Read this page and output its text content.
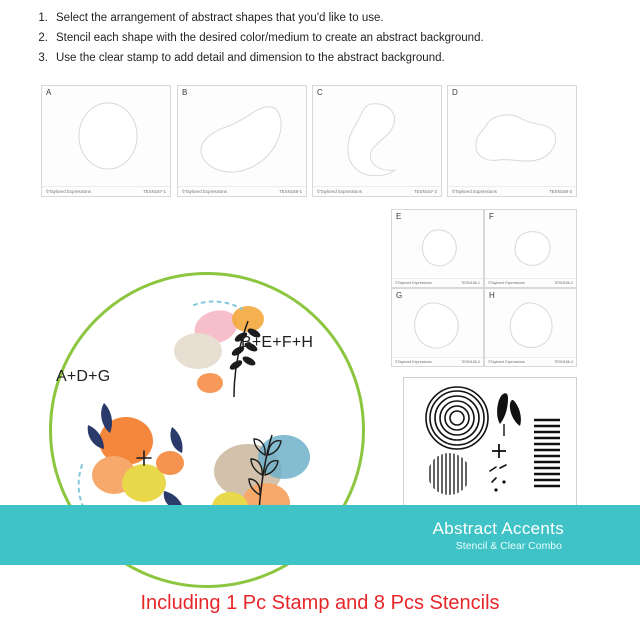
1. Select the arrangement of abstract shapes that you'd like to use.
2. Stencil each shape with the desired color/medium to create an abstract background.
3. Use the clear stamp to add detail and dimension to the abstract background.
A
©Taylored Expressions	TESN167-1
B
©Taylored Expressions	TESN168-1
C
©Taylored Expressions	TESN167-2
D
©Taylored Expressions	TESN168-2
E
©Taylored Expressions	TESN166-1
F
©Taylored Expressions	TESN166-2
G
©Taylored Expressions	TESN166-3
H
©Taylored Expressions	TESN166-4
A+D+G
B+E+F+H
Abstract Accents
Stencil & Clear Combo
Including 1 Pc Stamp and 8 Pcs Stencils
